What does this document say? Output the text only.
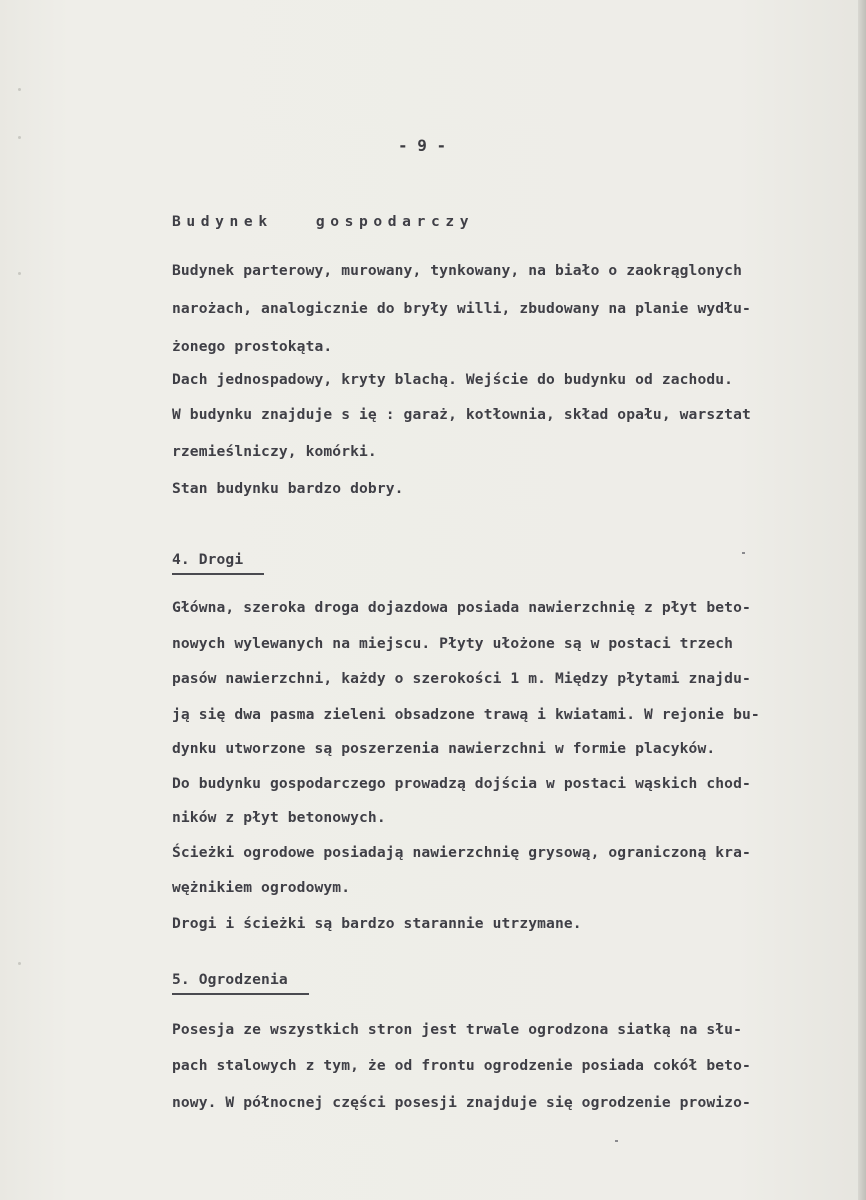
- 9 -
Budynek   gospodarczy
Budynek parterowy, murowany, tynkowany, na biało o zaokrąglonych
narożach, analogicznie do bryły willi, zbudowany na planie wydłu-
żonego prostokąta.
Dach jednospadowy, kryty blachą. Wejście do budynku od zachodu.
W budynku znajduje s ię : garaż, kotłownia, skład opału, warsztat
rzemieślniczy, komórki.
Stan budynku bardzo dobry.
4. Drogi
Główna, szeroka droga dojazdowa posiada nawierzchnię z płyt beto-
nowych wylewanych na miejscu. Płyty ułożone są w postaci trzech
pasów nawierzchni, każdy o szerokości 1 m. Między płytami znajdu-
ją się dwa pasma zieleni obsadzone trawą i kwiatami. W rejonie bu-
dynku utworzone są poszerzenia nawierzchni w formie placyków.
Do budynku gospodarczego prowadzą dojścia w postaci wąskich chod-
ników z płyt betonowych.
Ścieżki ogrodowe posiadają nawierzchnię grysową, ograniczoną kra-
wężnikiem ogrodowym.
Drogi i ścieżki są bardzo starannie utrzymane.
5. Ogrodzenia
Posesja ze wszystkich stron jest trwale ogrodzona siatką na słu-
pach stalowych z tym, że od frontu ogrodzenie posiada cokół beto-
nowy. W północnej części posesji znajduje się ogrodzenie prowizo-
